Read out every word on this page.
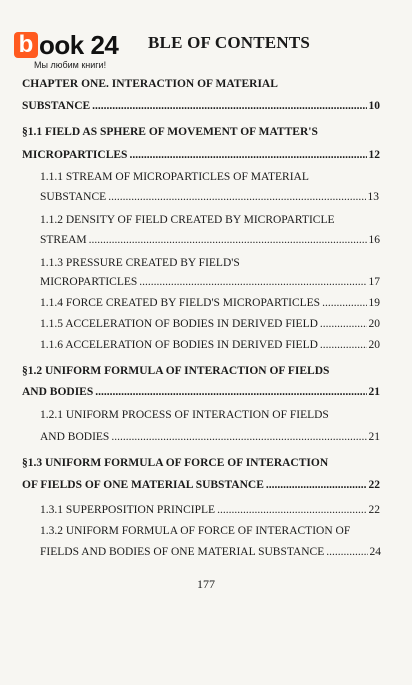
b ook 24
Мы любим книги!
BLE OF CONTENTS
CHAPTER ONE. INTERACTION OF MATERIAL
SUBSTANCE .....	10
§1.1 FIELD AS SPHERE OF MOVEMENT OF MATTER'S
MICROPARTICLES .....	12
1.1.1 STREAM OF MICROPARTICLES OF MATERIAL
SUBSTANCE .....	13
1.1.2 DENSITY OF FIELD CREATED BY MICROPARTICLE
STREAM .....	16
1.1.3 PRESSURE CREATED BY FIELD'S
MICROPARTICLES .....	17
1.1.4 FORCE CREATED BY FIELD'S MICROPARTICLES .....	19
1.1.5 ACCELERATION OF BODIES IN DERIVED FIELD .....	20
1.1.6 ACCELERATION OF BODIES IN DERIVED FIELD .....	20
§1.2 UNIFORM FORMULA OF INTERACTION OF FIELDS
AND BODIES .....	21
1.2.1 UNIFORM PROCESS OF INTERACTION OF FIELDS
AND BODIES .....	21
§1.3 UNIFORM FORMULA OF FORCE OF INTERACTION
OF FIELDS OF ONE MATERIAL SUBSTANCE .....	22
1.3.1 SUPERPOSITION PRINCIPLE .....	22
1.3.2 UNIFORM FORMULA OF FORCE OF INTERACTION OF
FIELDS AND BODIES OF ONE MATERIAL SUBSTANCE .....	24
177
